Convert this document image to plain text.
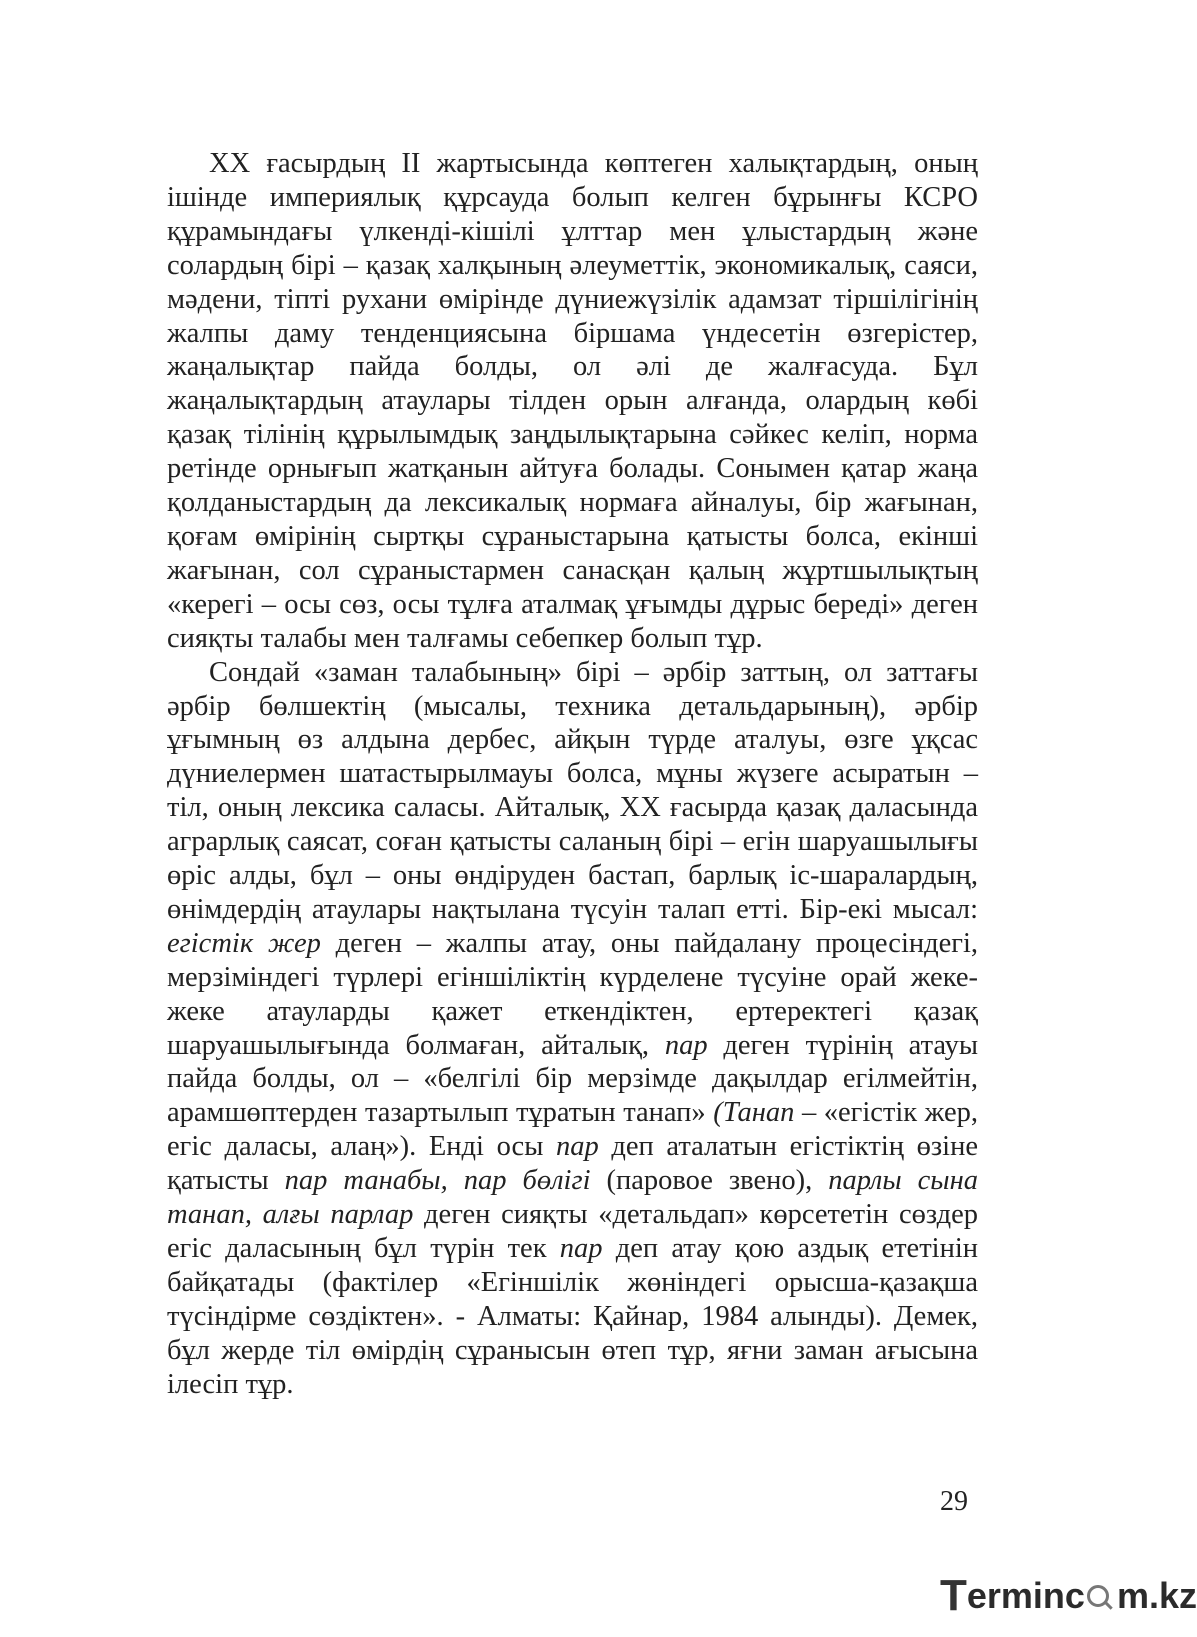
XX ғасырдың II жартысында көптеген халықтардың, оның ішінде империялық құрсауда болып келген бұрынғы КСРО құрамындағы үлкенді-кішілі ұлттар мен ұлыстардың және солардың бірі – қазақ халқының әлеуметтік, экономикалық, саяси, мәдени, тіпті рухани өмірінде дүниежүзілік адамзат тіршілігінің жалпы даму тенденциясына біршама үндесетін өзгерістер, жаңалықтар пайда болды, ол әлі де жалғасуда. Бұл жаңалықтардың атаулары тілден орын алғанда, олардың көбі қазақ тілінің құрылымдық заңдылықтарына сәйкес келіп, норма ретінде орнығып жатқанын айтуға болады. Сонымен қатар жаңа қолданыстардың да лексикалық нормаға айналуы, бір жағынан, қоғам өмірінің сыртқы сұраныстарына қатысты болса, екінші жағынан, сол сұраныстармен санасқан қалың жұртшылықтың «керегі – осы сөз, осы тұлға аталмақ ұғымды дұрыс береді» деген сияқты талабы мен талғамы себепкер болып тұр.

Сондай «заман талабының» бірі – әрбір заттың, ол заттағы әрбір бөлшектің (мысалы, техника детальдарының), әрбір ұғымның өз алдына дербес, айқын түрде аталуы, өзге ұқсас дүниелермен шатастырылмауы болса, мұны жүзеге асыратын – тіл, оның лексика саласы. Айталық, XX ғасырда қазақ даласында аграрлық саясат, соған қатысты саланың бірі – егін шаруашылығы өріс алды, бұл – оны өндіруден бастап, барлық іс-шаралардың, өнімдердің атаулары нақтылана түсуін талап етті. Бір-екі мысал: егістік жер деген – жалпы атау, оны пайдалану процесіндегі, мерзіміндегі түрлері егіншіліктің күрделене түсуіне орай жеке-жеке атауларды қажет еткендіктен, ертеректегі қазақ шаруашылығында болмаған, айталық, пар деген түрінің атауы пайда болды, ол – «белгілі бір мерзімде дақылдар егілмейтін, арамшөптерден тазартылып тұратын танап» (Танап – «егістік жер, егіс даласы, алаң»). Енді осы пар деп аталатын егістіктің өзіне қатысты пар танабы, пар бөлігі (паровое звено), парлы сына танап, алғы парлар деген сияқты «детальдап» көрсететін сөздер егіс даласының бұл түрін тек пар деп атау қою аздық ететінін байқатады (фактілер «Егіншілік жөніндегі орысша-қазақша түсіндірме сөздіктен». - Алматы: Қайнар, 1984 алынды). Демек, бұл жерде тіл өмірдің сұранысын өтеп тұр, яғни заман ағысына ілесіп тұр.

29
T erminc m.kz
